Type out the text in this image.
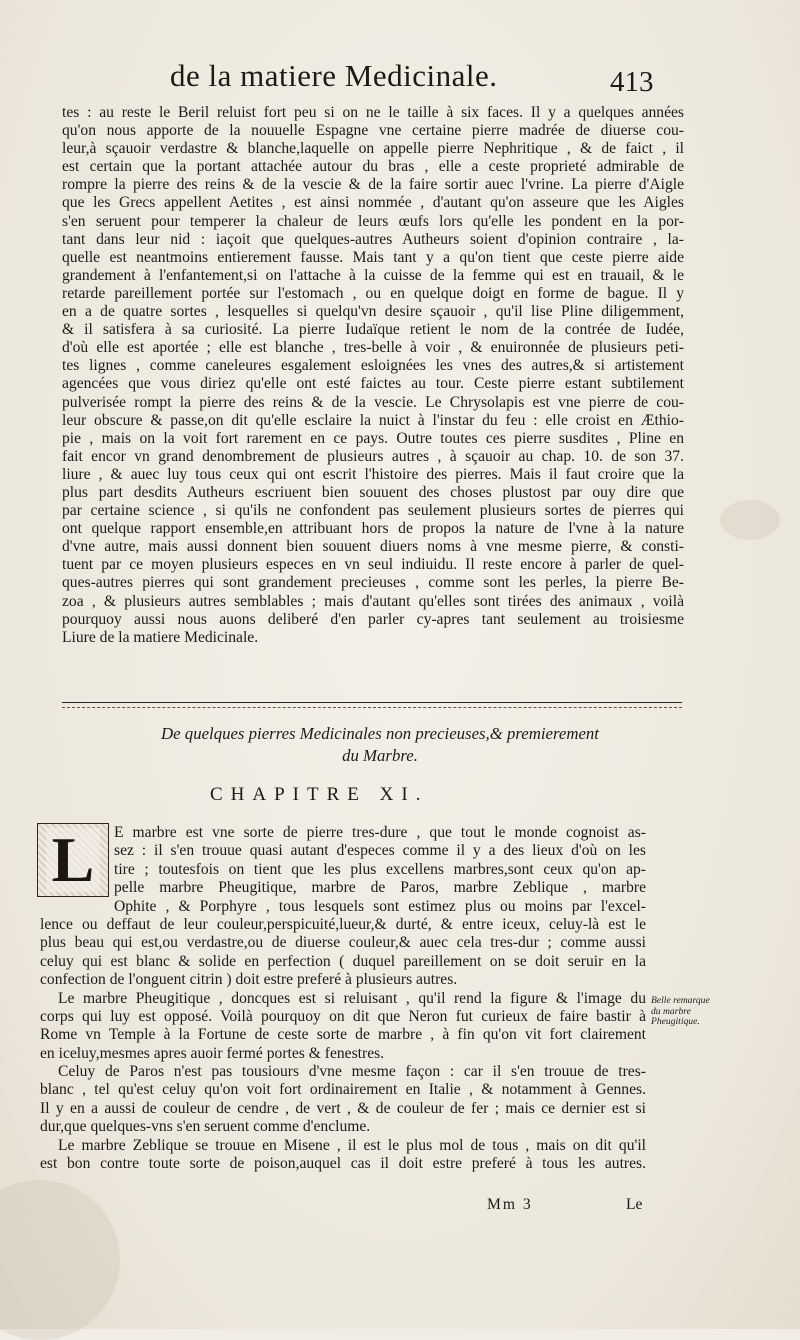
de la matiere Medicinale.	413
tes : au reste le Beril reluist fort peu si on ne le taille à six faces. Il y a quelques années
qu'on nous apporte de la nouuelle Espagne vne certaine pierre madrée de diuerse cou-
leur,à sçauoir verdastre & blanche,laquelle on appelle pierre Nephritique , & de faict , il
est certain que la portant attachée autour du bras , elle a ceste proprieté admirable de
rompre la pierre des reins & de la vescie & de la faire sortir auec l'vrine. La pierre d'Aigle
que les Grecs appellent Aetites , est ainsi nommée , d'autant qu'on asseure que les Aigles
s'en seruent pour temperer la chaleur de leurs œufs lors qu'elle les pondent en la por-
tant dans leur nid : iaçoit que quelques-autres Autheurs soient d'opinion contraire , la-
quelle est neantmoins entierement fausse. Mais tant y a qu'on tient que ceste pierre aide
grandement à l'enfantement,si on l'attache à la cuisse de la femme qui est en trauail, & le
retarde pareillement portée sur l'estomach , ou en quelque doigt en forme de bague. Il y
en a de quatre sortes , lesquelles si quelqu'vn desire sçauoir , qu'il lise Pline diligemment,
& il satisfera à sa curiosité. La pierre Iudaïque retient le nom de la contrée de Iudée,
d'où elle est aportée ; elle est blanche , tres-belle à voir , & enuironnée de plusieurs peti-
tes lignes , comme caneleures esgalement esloignées les vnes des autres,& si artistement
agencées que vous diriez qu'elle ont esté faictes au tour. Ceste pierre estant subtilement
pulverisée rompt la pierre des reins & de la vescie. Le Chrysolapis est vne pierre de cou-
leur obscure & passe,on dit qu'elle esclaire la nuict à l'instar du feu : elle croist en Æthio-
pie , mais on la voit fort rarement en ce pays. Outre toutes ces pierre susdites , Pline en
fait encor vn grand denombrement de plusieurs autres , à sçauoir au chap. 10. de son 37.
liure , & auec luy tous ceux qui ont escrit l'histoire des pierres. Mais il faut croire que la
plus part desdits Autheurs escriuent bien souuent des choses plustost par ouy dire que
par certaine science , si qu'ils ne confondent pas seulement plusieurs sortes de pierres qui
ont quelque rapport ensemble,en attribuant hors de propos la nature de l'vne à la nature
d'vne autre, mais aussi donnent bien souuent diuers noms à vne mesme pierre, & consti-
tuent par ce moyen plusieurs especes en vn seul indiuidu. Il reste encore à parler de quel-
ques-autres pierres qui sont grandement precieuses , comme sont les perles, la pierre Be-
zoa , & plusieurs autres semblables ; mais d'autant qu'elles sont tirées des animaux , voilà
pourquoy aussi nous auons deliberé d'en parler cy-apres tant seulement au troisiesme
Liure de la matiere Medicinale.
De quelques pierres Medicinales non precieuses,& premierement
du Marbre.
CHAPITRE XI.
L	E marbre est vne sorte de pierre tres-dure , que tout le monde cognoist as-
sez : il s'en trouue quasi autant d'especes comme il y a des lieux d'où on les
tire ; toutesfois on tient que les plus excellens marbres,sont ceux qu'on ap-
pelle marbre Pheugitique, marbre de Paros, marbre Zeblique , marbre
Ophite , & Porphyre , tous lesquels sont estimez plus ou moins par l'excel-
lence ou deffaut de leur couleur,perspicuité,lueur,& durté, & entre iceux, celuy-là est le
plus beau qui est,ou verdastre,ou de diuerse couleur,& auec cela tres-dur ; comme aussi
celuy qui est blanc & solide en perfection ( duquel pareillement on se doit seruir en la
confection de l'onguent citrin ) doit estre preferé à plusieurs autres.
Le marbre Pheugitique , doncques est si reluisant , qu'il rend la figure & l'image du
corps qui luy est opposé. Voilà pourquoy on dit que Neron fut curieux de faire bastir à
Rome vn Temple à la Fortune de ceste sorte de marbre , à fin qu'on vit fort clairement
en iceluy,mesmes apres auoir fermé portes & fenestres.
Celuy de Paros n'est pas tousiours d'vne mesme façon : car il s'en trouue de tres-
blanc , tel qu'est celuy qu'on voit fort ordinairement en Italie , & notamment à Gennes.
Il y en a aussi de couleur de cendre , de vert , & de couleur de fer ; mais ce dernier est si
dur,que quelques-vns s'en seruent comme d'enclume.
Le marbre Zeblique se trouue en Misene , il est le plus mol de tous , mais on dit qu'il
est bon contre toute sorte de poison,auquel cas il doit estre preferé à tous les autres.
Belle remarque
du marbre
Pheugitique.
Mm 3	Le
